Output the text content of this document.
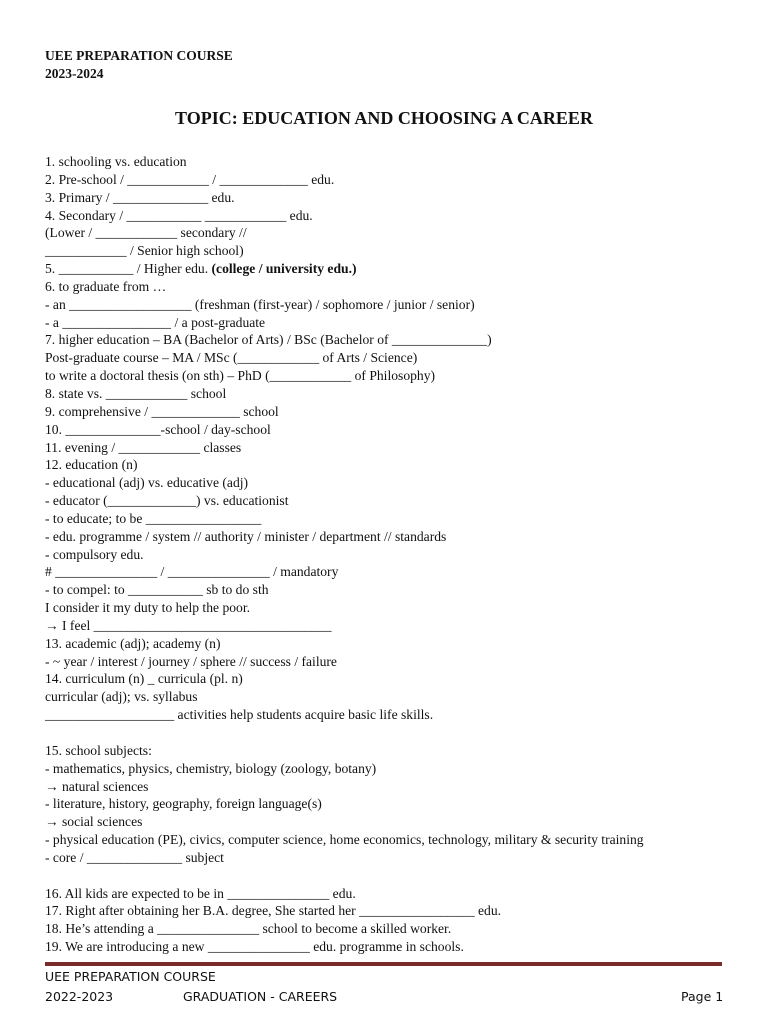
UEE PREPARATION COURSE
2023-2024
TOPIC: EDUCATION AND CHOOSING A CAREER
1. schooling vs. education
2. Pre-school / ____________ / _____________ edu.
3. Primary / ______________ edu.
4. Secondary / ___________ ____________ edu.
(Lower / ____________ secondary //
____________ / Senior high school)
5. ___________ / Higher edu. (college / university edu.)
6. to graduate from …
- an __________________ (freshman (first-year) / sophomore / junior / senior)
- a ________________ / a post-graduate
7. higher education – BA (Bachelor of Arts) / BSc (Bachelor of ______________)
Post-graduate course – MA / MSc (____________ of Arts / Science)
to write a doctoral thesis (on sth) – PhD (____________ of Philosophy)
8. state vs. ____________ school
9. comprehensive / _____________ school
10. ______________-school / day-school
11. evening / ____________ classes
12. education (n)
- educational (adj) vs. educative (adj)
- educator (_____________) vs. educationist
- to educate; to be _________________
- edu. programme / system // authority / minister / department // standards
- compulsory edu.
# _______________ / _______________ / mandatory
- to compel: to ___________ sb to do sth
I consider it my duty to help the poor.
→ I feel ___________________________________
13. academic (adj); academy (n)
- ~ year / interest / journey / sphere // success / failure
14. curriculum (n) _ curricula (pl. n)
curricular (adj); vs. syllabus
___________________ activities help students acquire basic life skills.
15. school subjects:
- mathematics, physics, chemistry, biology (zoology, botany)
→ natural sciences
- literature, history, geography, foreign language(s)
→ social sciences
- physical education (PE), civics, computer science, home economics, technology, military & security training
- core / ______________ subject
16. All kids are expected to be in _______________ edu.
17. Right after obtaining her B.A. degree, She started her _________________ edu.
18. He’s attending a _______________ school to become a skilled worker.
19. We are introducing a new _______________ edu. programme in schools.
UEE PREPARATION COURSE
2022-2023	GRADUATION - CAREERS	Page 1
